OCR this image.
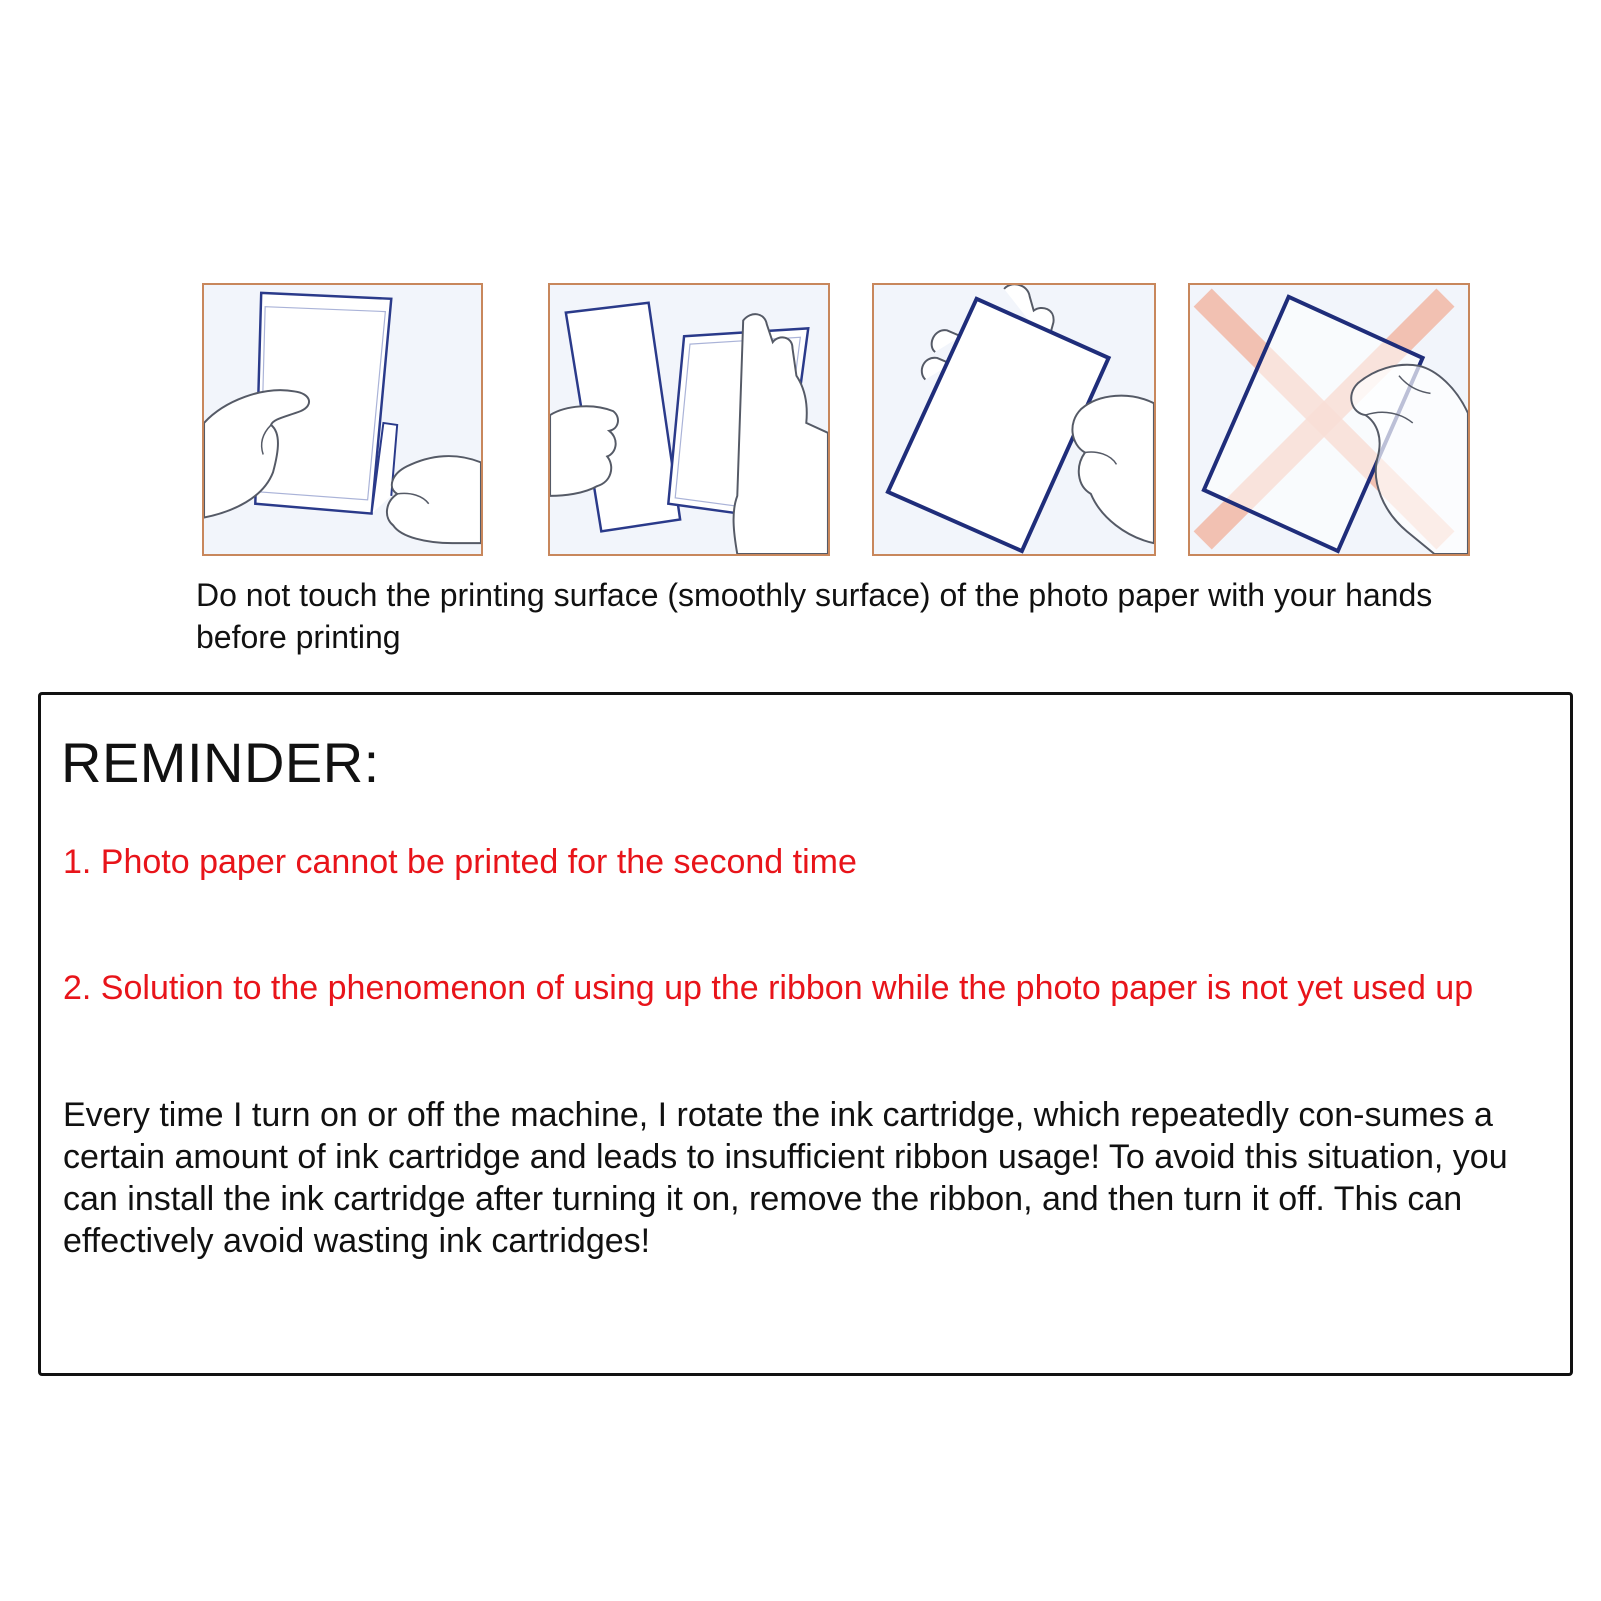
Do not touch the printing surface (smoothly surface) of the photo paper with your hands before printing
REMINDER:
1. Photo paper cannot be printed for the second time
2. Solution to the phenomenon of using up the ribbon while the photo paper is not yet used up
Every time I turn on or off the machine, I rotate the ink cartridge, which repeatedly con-sumes a certain amount of ink cartridge and leads to insufficient ribbon usage! To avoid this situation, you can install the ink cartridge after turning it on, remove the ribbon, and then turn it off. This can effectively avoid wasting ink cartridges!
